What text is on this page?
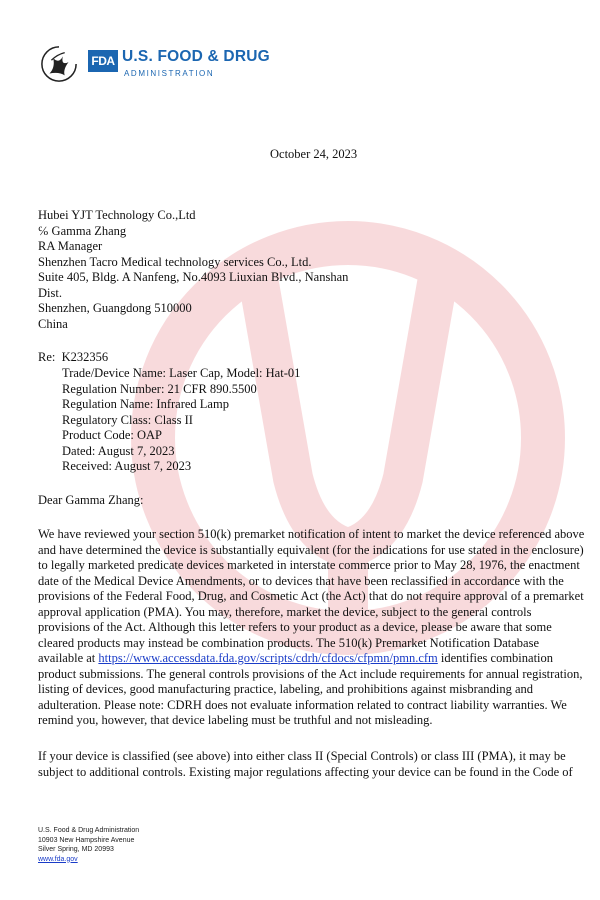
FDA U.S. FOOD & DRUG
ADMINISTRATION
October 24, 2023
Hubei YJT Technology Co.,Ltd
℅ Gamma Zhang
RA Manager
Shenzhen Tacro Medical technology services Co., Ltd.
Suite 405, Bldg. A Nanfeng, No.4093 Liuxian Blvd., Nanshan
Dist.
Shenzhen, Guangdong 510000
China
Re: K232356
Trade/Device Name: Laser Cap, Model: Hat-01
Regulation Number: 21 CFR 890.5500
Regulation Name: Infrared Lamp
Regulatory Class: Class II
Product Code: OAP
Dated: August 7, 2023
Received: August 7, 2023
Dear Gamma Zhang:
We have reviewed your section 510(k) premarket notification of intent to market the device referenced above
and have determined the device is substantially equivalent (for the indications for use stated in the enclosure)
to legally marketed predicate devices marketed in interstate commerce prior to May 28, 1976, the enactment
date of the Medical Device Amendments, or to devices that have been reclassified in accordance with the
provisions of the Federal Food, Drug, and Cosmetic Act (the Act) that do not require approval of a premarket
approval application (PMA). You may, therefore, market the device, subject to the general controls
provisions of the Act. Although this letter refers to your product as a device, please be aware that some
cleared products may instead be combination products. The 510(k) Premarket Notification Database
available at https://www.accessdata.fda.gov/scripts/cdrh/cfdocs/cfpmn/pmn.cfm identifies combination
product submissions. The general controls provisions of the Act include requirements for annual registration,
listing of devices, good manufacturing practice, labeling, and prohibitions against misbranding and
adulteration. Please note: CDRH does not evaluate information related to contract liability warranties. We
remind you, however, that device labeling must be truthful and not misleading.
If your device is classified (see above) into either class II (Special Controls) or class III (PMA), it may be
subject to additional controls. Existing major regulations affecting your device can be found in the Code of
U.S. Food & Drug Administration
10903 New Hampshire Avenue
Silver Spring, MD 20993
www.fda.gov
